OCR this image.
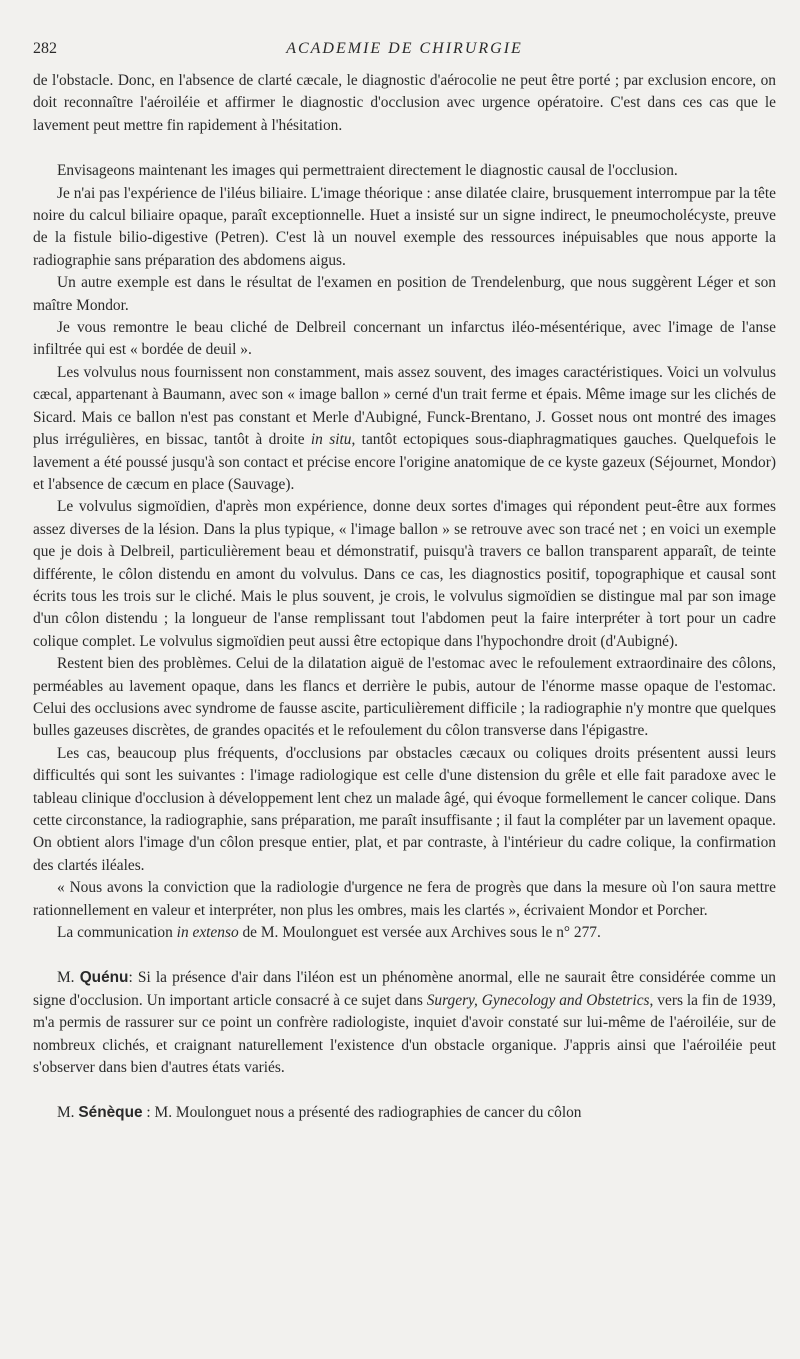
282	ACADEMIE DE CHIRURGIE

de l'obstacle. Donc, en l'absence de clarté cæcale, le diagnostic d'aérocolie ne peut être porté ; par exclusion encore, on doit reconnaître l'aéroiléie et affirmer le diagnostic d'occlusion avec urgence opératoire. C'est dans ces cas que le lavement peut mettre fin rapidement à l'hésitation.

Envisageons maintenant les images qui permettraient directement le diagnostic causal de l'occlusion.

Je n'ai pas l'expérience de l'iléus biliaire. L'image théorique : anse dilatée claire, brusquement interrompue par la tête noire du calcul biliaire opaque, paraît exceptionnelle. Huet a insisté sur un signe indirect, le pneumocholécyste, preuve de la fistule bilio-digestive (Petren). C'est là un nouvel exemple des ressources inépuisables que nous apporte la radiographie sans préparation des abdomens aigus.

Un autre exemple est dans le résultat de l'examen en position de Trendelenburg, que nous suggèrent Léger et son maître Mondor.

Je vous remontre le beau cliché de Delbreil concernant un infarctus iléo-mésentérique, avec l'image de l'anse infiltrée qui est « bordée de deuil ».

Les volvulus nous fournissent non constamment, mais assez souvent, des images caractéristiques. Voici un volvulus cæcal, appartenant à Baumann, avec son « image ballon » cerné d'un trait ferme et épais. Même image sur les clichés de Sicard. Mais ce ballon n'est pas constant et Merle d'Aubigné, Funck-Brentano, J. Gosset nous ont montré des images plus irrégulières, en bissac, tantôt à droite in situ, tantôt ectopiques sous-diaphragmatiques gauches. Quelquefois le lavement a été poussé jusqu'à son contact et précise encore l'origine anatomique de ce kyste gazeux (Séjournet, Mondor) et l'absence de cæcum en place (Sauvage).

Le volvulus sigmoïdien, d'après mon expérience, donne deux sortes d'images qui répondent peut-être aux formes assez diverses de la lésion. Dans la plus typique, « l'image ballon » se retrouve avec son tracé net ; en voici un exemple que je dois à Delbreil, particulièrement beau et démonstratif, puisqu'à travers ce ballon transparent apparaît, de teinte différente, le côlon distendu en amont du volvulus. Dans ce cas, les diagnostics positif, topographique et causal sont écrits tous les trois sur le cliché. Mais le plus souvent, je crois, le volvulus sigmoïdien se distingue mal par son image d'un côlon distendu ; la longueur de l'anse remplissant tout l'abdomen peut la faire interpréter à tort pour un cadre colique complet. Le volvulus sigmoïdien peut aussi être ectopique dans l'hypochondre droit (d'Aubigné).

Restent bien des problèmes. Celui de la dilatation aiguë de l'estomac avec le refoulement extraordinaire des côlons, perméables au lavement opaque, dans les flancs et derrière le pubis, autour de l'énorme masse opaque de l'estomac. Celui des occlusions avec syndrome de fausse ascite, particulièrement difficile ; la radiographie n'y montre que quelques bulles gazeuses discrètes, de grandes opacités et le refoulement du côlon transverse dans l'épigastre.

Les cas, beaucoup plus fréquents, d'occlusions par obstacles cæcaux ou coliques droits présentent aussi leurs difficultés qui sont les suivantes : l'image radiologique est celle d'une distension du grêle et elle fait paradoxe avec le tableau clinique d'occlusion à développement lent chez un malade âgé, qui évoque formellement le cancer colique. Dans cette circonstance, la radiographie, sans préparation, me paraît insuffisante ; il faut la compléter par un lavement opaque. On obtient alors l'image d'un côlon presque entier, plat, et par contraste, à l'intérieur du cadre colique, la confirmation des clartés iléales.

« Nous avons la conviction que la radiologie d'urgence ne fera de progrès que dans la mesure où l'on saura mettre rationnellement en valeur et interpréter, non plus les ombres, mais les clartés », écrivaient Mondor et Porcher.

La communication in extenso de M. Moulonguet est versée aux Archives sous le n° 277.

M. Quénu: Si la présence d'air dans l'iléon est un phénomène anormal, elle ne saurait être considérée comme un signe d'occlusion. Un important article consacré à ce sujet dans Surgery, Gynecology and Obstetrics, vers la fin de 1939, m'a permis de rassurer sur ce point un confrère radiologiste, inquiet d'avoir constaté sur lui-même de l'aéroiléie, sur de nombreux clichés, et craignant naturellement l'existence d'un obstacle organique. J'appris ainsi que l'aéroiléie peut s'observer dans bien d'autres états variés.

M. Sénèque : M. Moulonguet nous a présenté des radiographies de cancer du côlon
